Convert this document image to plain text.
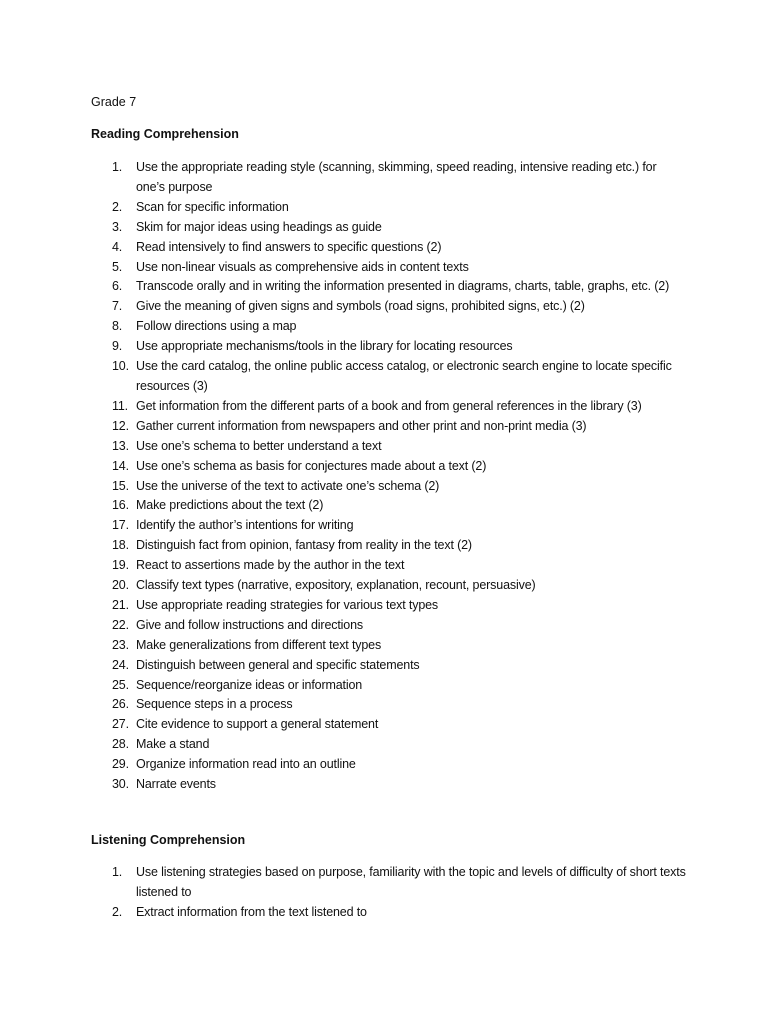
Grade 7
Reading Comprehension
1.	Use the appropriate reading style (scanning, skimming, speed reading, intensive reading etc.) for one’s purpose
2.	Scan for specific information
3.	Skim for major ideas using headings as guide
4.	Read intensively to find answers to specific questions (2)
5.	Use non-linear visuals as comprehensive aids in content texts
6.	Transcode orally and in writing the information presented in diagrams, charts, table, graphs, etc. (2)
7.	Give the meaning of given signs and symbols (road signs, prohibited signs, etc.) (2)
8.	Follow directions using a map
9.	Use appropriate mechanisms/tools in the library for locating resources
10. Use the card catalog, the online public access catalog, or electronic search engine to locate specific resources (3)
11. Get information from the different parts of a book and from general references in the library (3)
12. Gather current information from newspapers and other print and non-print media (3)
13. Use one’s schema to better understand a text
14. Use one’s schema as basis for conjectures made about a text (2)
15. Use the universe of the text to activate one’s schema (2)
16. Make predictions about the text (2)
17. Identify the author’s intentions for writing
18. Distinguish fact from opinion, fantasy from reality in the text (2)
19. React to assertions made by the author in the text
20. Classify text types (narrative, expository, explanation, recount, persuasive)
21. Use appropriate reading strategies for various text types
22. Give and follow instructions and directions
23. Make generalizations from different text types
24. Distinguish between general and specific statements
25. Sequence/reorganize ideas or information
26. Sequence steps in a process
27. Cite evidence to support a general statement
28. Make a stand
29. Organize information read into an outline
30. Narrate events
Listening Comprehension
1.	Use listening strategies based on purpose, familiarity with the topic and levels of difficulty of short texts listened to
2.	Extract information from the text listened to
